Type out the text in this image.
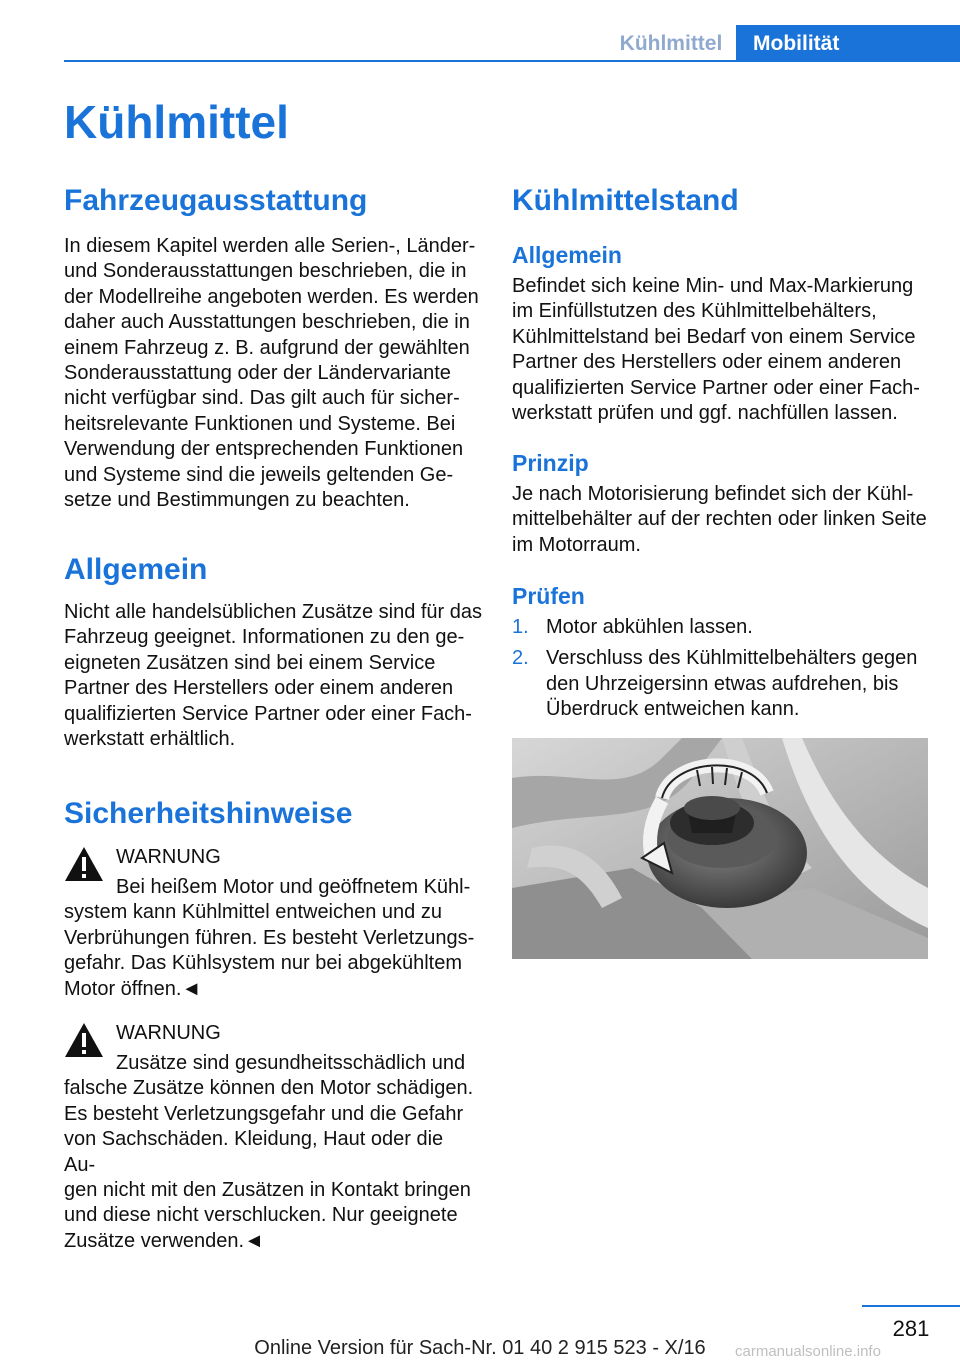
Kühlmittel	Mobilität
Kühlmittel
Fahrzeugausstattung

In diesem Kapitel werden alle Serien-, Länder-
und Sonderausstattungen beschrieben, die in
der Modellreihe angeboten werden. Es werden
daher auch Ausstattungen beschrieben, die in
einem Fahrzeug z. B. aufgrund der gewählten
Sonderausstattung oder der Ländervariante
nicht verfügbar sind. Das gilt auch für sicher-
heitsrelevante Funktionen und Systeme. Bei
Verwendung der entsprechenden Funktionen
und Systeme sind die jeweils geltenden Ge-
setze und Bestimmungen zu beachten.

Allgemein

Nicht alle handelsüblichen Zusätze sind für das
Fahrzeug geeignet. Informationen zu den ge-
eigneten Zusätzen sind bei einem Service
Partner des Herstellers oder einem anderen
qualifizierten Service Partner oder einer Fach-
werkstatt erhältlich.

Sicherheitshinweise

WARNUNG

Bei heißem Motor und geöffnetem Kühl-
system kann Kühlmittel entweichen und zu
Verbrühungen führen. Es besteht Verletzungs-
gefahr. Das Kühlsystem nur bei abgekühltem
Motor öffnen.◄

WARNUNG

Zusätze sind gesundheitsschädlich und
falsche Zusätze können den Motor schädigen.
Es besteht Verletzungsgefahr und die Gefahr
von Sachschäden. Kleidung, Haut oder die Au-
gen nicht mit den Zusätzen in Kontakt bringen
und diese nicht verschlucken. Nur geeignete
Zusätze verwenden.◄

Kühlmittelstand
Allgemein

Befindet sich keine Min- und Max-Markierung
im Einfüllstutzen des Kühlmittelbehälters,
Kühlmittelstand bei Bedarf von einem Service
Partner des Herstellers oder einem anderen
qualifizierten Service Partner oder einer Fach-
werkstatt prüfen und ggf. nachfüllen lassen.

Prinzip

Je nach Motorisierung befindet sich der Kühl-
mittelbehälter auf der rechten oder linken Seite
im Motorraum.

Prüfen
1. Motor abkühlen lassen.
2. Verschluss des Kühlmittelbehälters gegen
den Uhrzeigersinn etwas aufdrehen, bis
Überdruck entweichen kann.
281
Online Version für Sach-Nr. 01 40 2 915 523 - X/16	carmanualsonline.info
